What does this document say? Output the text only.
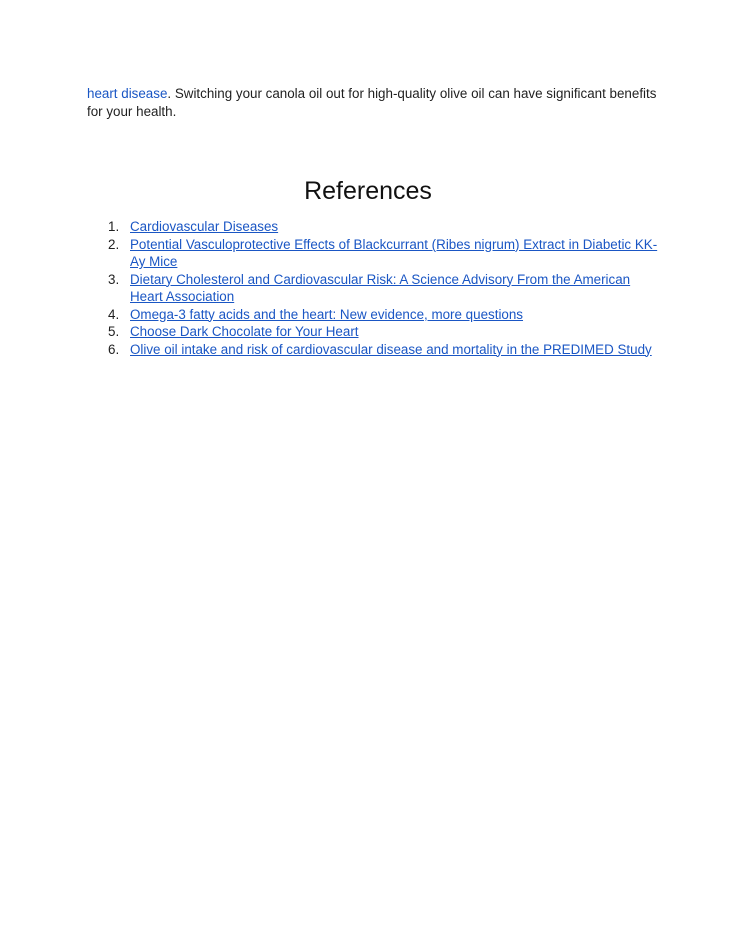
heart disease. Switching your canola oil out for high-quality olive oil can have significant benefits for your health.

References
1. Cardiovascular Diseases
2. Potential Vasculoprotective Effects of Blackcurrant (Ribes nigrum) Extract in Diabetic KK-Ay Mice
3. Dietary Cholesterol and Cardiovascular Risk: A Science Advisory From the American Heart Association
4. Omega-3 fatty acids and the heart: New evidence, more questions
5. Choose Dark Chocolate for Your Heart
6. Olive oil intake and risk of cardiovascular disease and mortality in the PREDIMED Study
